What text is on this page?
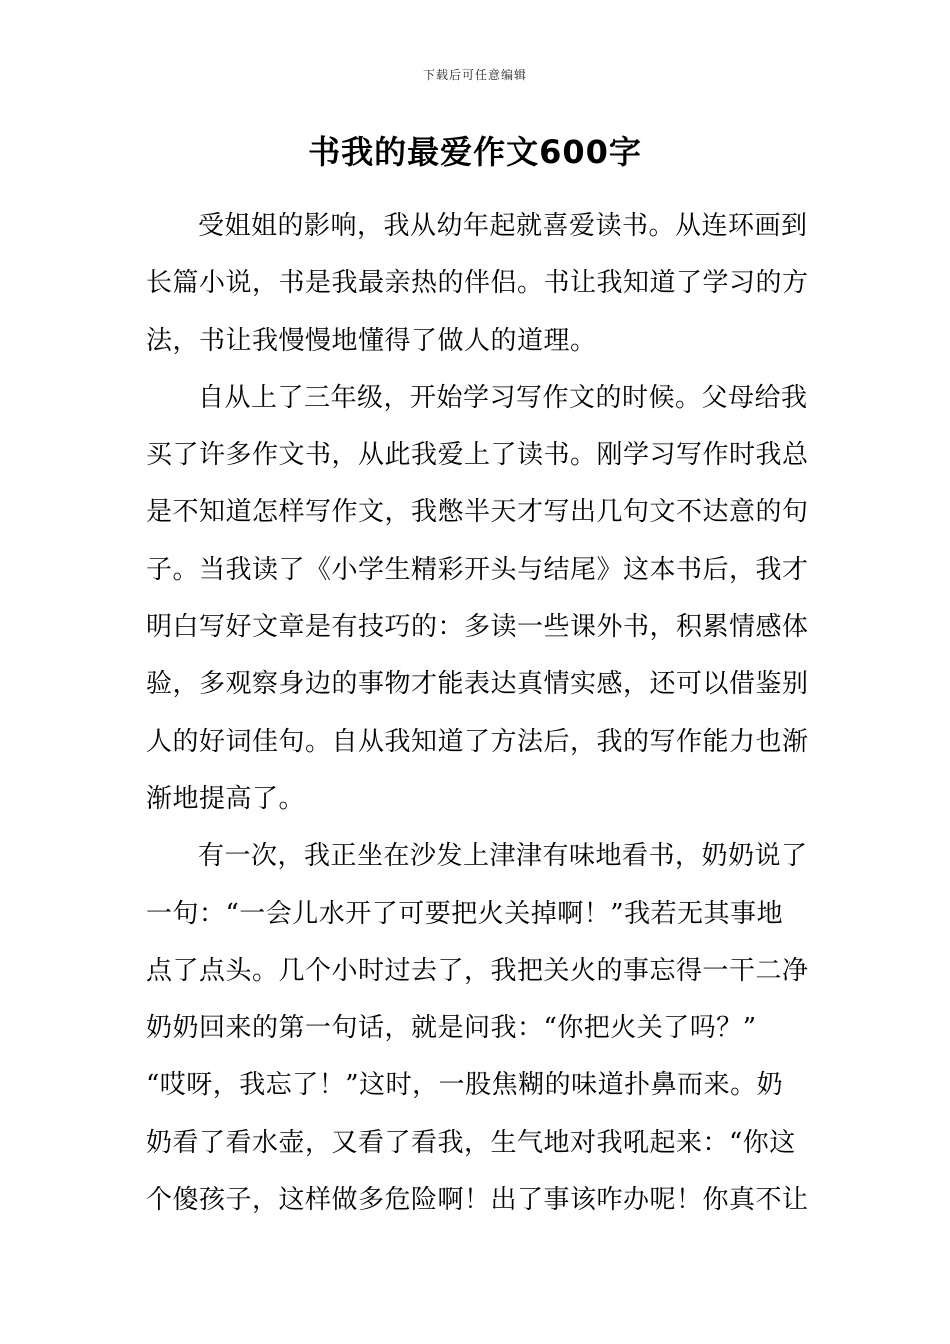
下载后可任意编辑
书我的最爱作文600字

受姐姐的影响，我从幼年起就喜爱读书。从连环画到
长篇小说，书是我最亲热的伴侣。书让我知道了学习的方
法，书让我慢慢地懂得了做人的道理。

自从上了三年级，开始学习写作文的时候。父母给我
买了许多作文书，从此我爱上了读书。刚学习写作时我总
是不知道怎样写作文，我憋半天才写出几句文不达意的句
子。当我读了《小学生精彩开头与结尾》这本书后，我才
明白写好文章是有技巧的：多读一些课外书，积累情感体
验，多观察身边的事物才能表达真情实感，还可以借鉴别
人的好词佳句。自从我知道了方法后，我的写作能力也渐
渐地提高了。

有一次，我正坐在沙发上津津有味地看书，奶奶说了
一句：“一会儿水开了可要把火关掉啊！”我若无其事地
点了点头。几个小时过去了，我把关火的事忘得一干二净
奶奶回来的第一句话，就是问我：“你把火关了吗？”
“哎呀，我忘了！”这时，一股焦糊的味道扑鼻而来。奶
奶看了看水壶，又看了看我，生气地对我吼起来：“你这
个傻孩子，这样做多危险啊！出了事该咋办呢！你真不让
